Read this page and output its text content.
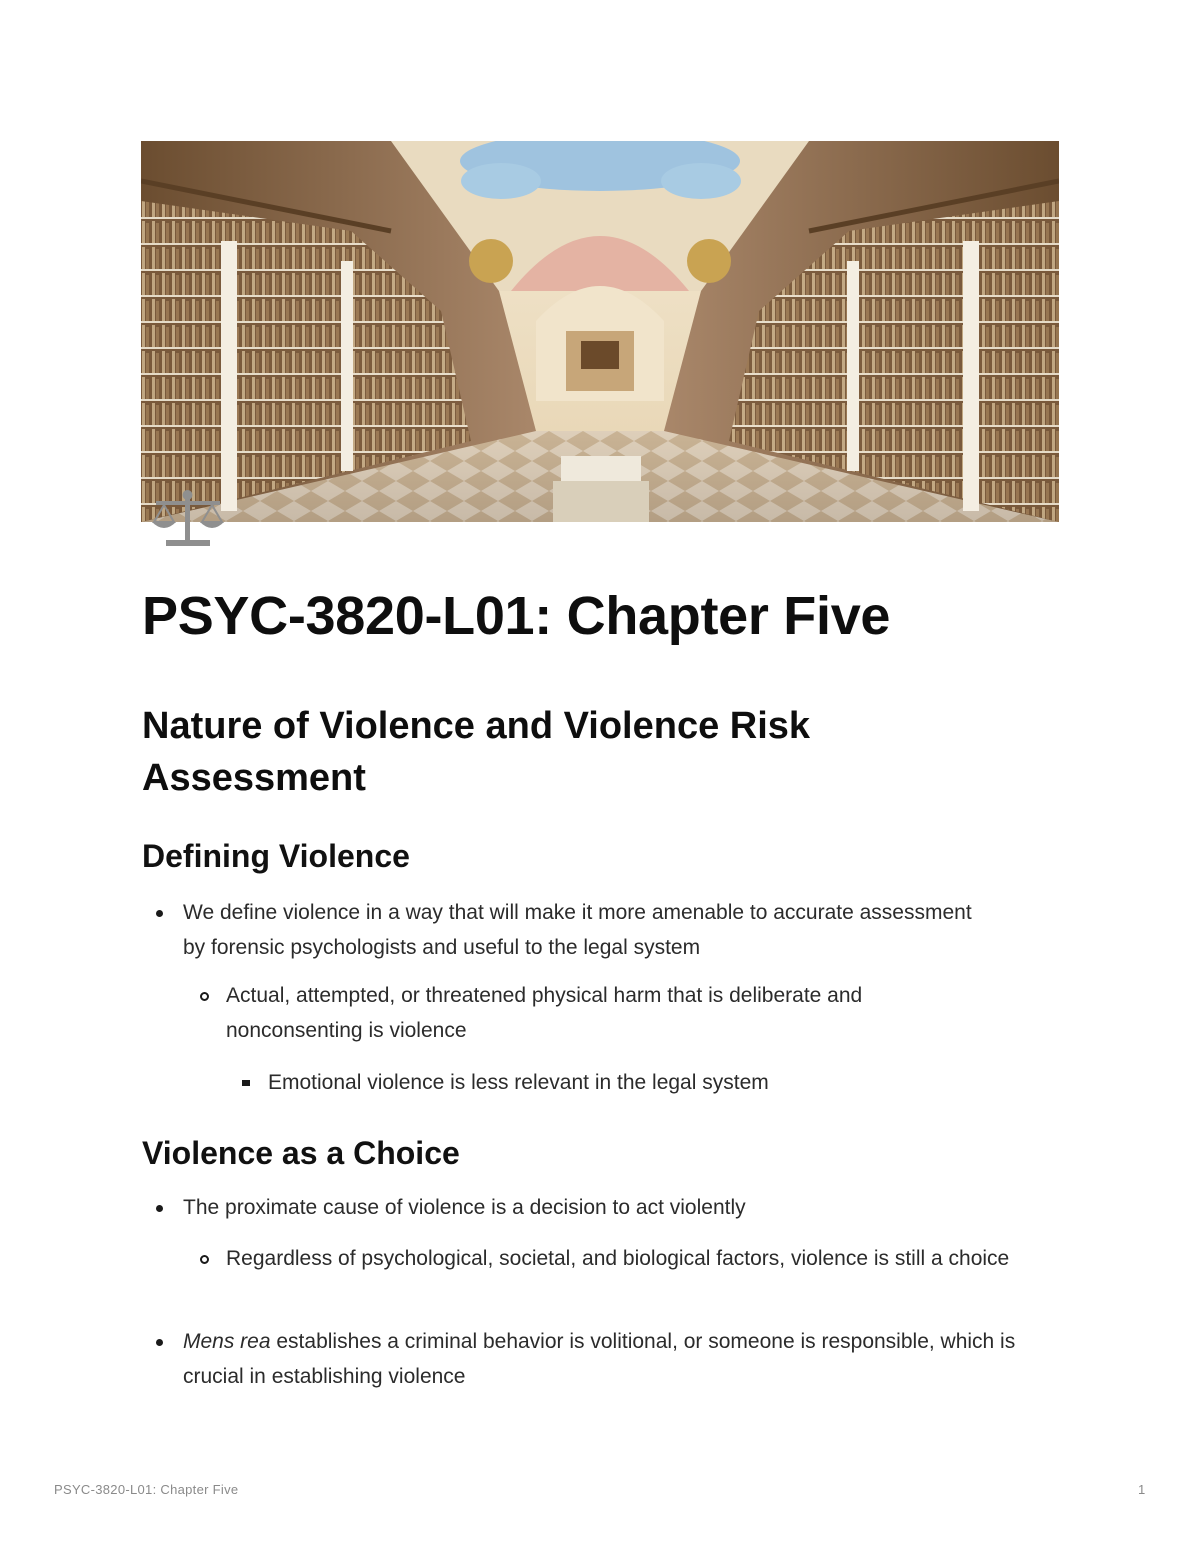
PSYC-3820-L01: Chapter Five
Nature of Violence and Violence Risk Assessment
Defining Violence

We define violence in a way that will make it more amenable to accurate assessment by forensic psychologists and useful to the legal system

Actual, attempted, or threatened physical harm that is deliberate and nonconsenting is violence

Emotional violence is less relevant in the legal system

Violence as a Choice

The proximate cause of violence is a decision to act violently

Regardless of psychological, societal, and biological factors, violence is still a choice

Mens rea establishes a criminal behavior is volitional, or someone is responsible, which is crucial in establishing violence

PSYC-3820-L01: Chapter Five	1
